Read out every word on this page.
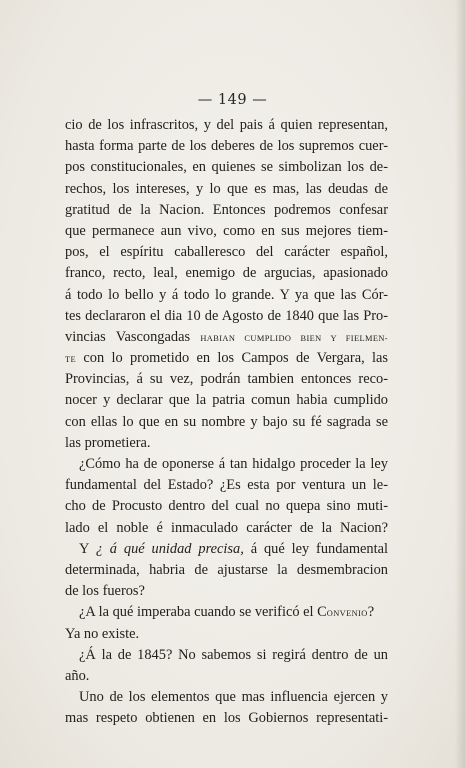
— 149 —
cio de los infrascritos, y del pais á quien representan,
hasta forma parte de los deberes de los supremos cuer-
pos constitucionales, en quienes se simbolizan los de-
rechos, los intereses, y lo que es mas, las deudas de
gratitud de la Nacion. Entonces podremos confesar
que permanece aun vivo, como en sus mejores tiem-
pos, el espíritu caballeresco del carácter español,
franco, recto, leal, enemigo de argucias, apasionado
á todo lo bello y á todo lo grande. Y ya que las Cór-
tes declararon el dia 10 de Agosto de 1840 que las Pro-
vincias Vascongadas HABIAN CUMPLIDO BIEN Y FIELMEN-
TE con lo prometido en los Campos de Vergara, las
Provincias, á su vez, podrán tambien entonces reco-
nocer y declarar que la patria comun habia cumplido
con ellas lo que en su nombre y bajo su fé sagrada se
las prometiera.
¿Cómo ha de oponerse á tan hidalgo proceder la ley
fundamental del Estado? ¿Es esta por ventura un le-
cho de Procusto dentro del cual no quepa sino muti-
lado el noble é inmaculado carácter de la Nacion?
Y ¿ á qué unidad precisa, á qué ley fundamental
determinada, habria de ajustarse la desmembracion
de los fueros?
¿A la qué imperaba cuando se verificó el CONVENIO?
Ya no existe.
¿Á la de 1845? No sabemos si regirá dentro de un
año.
Uno de los elementos que mas influencia ejercen y
mas respeto obtienen en los Gobiernos representati-
